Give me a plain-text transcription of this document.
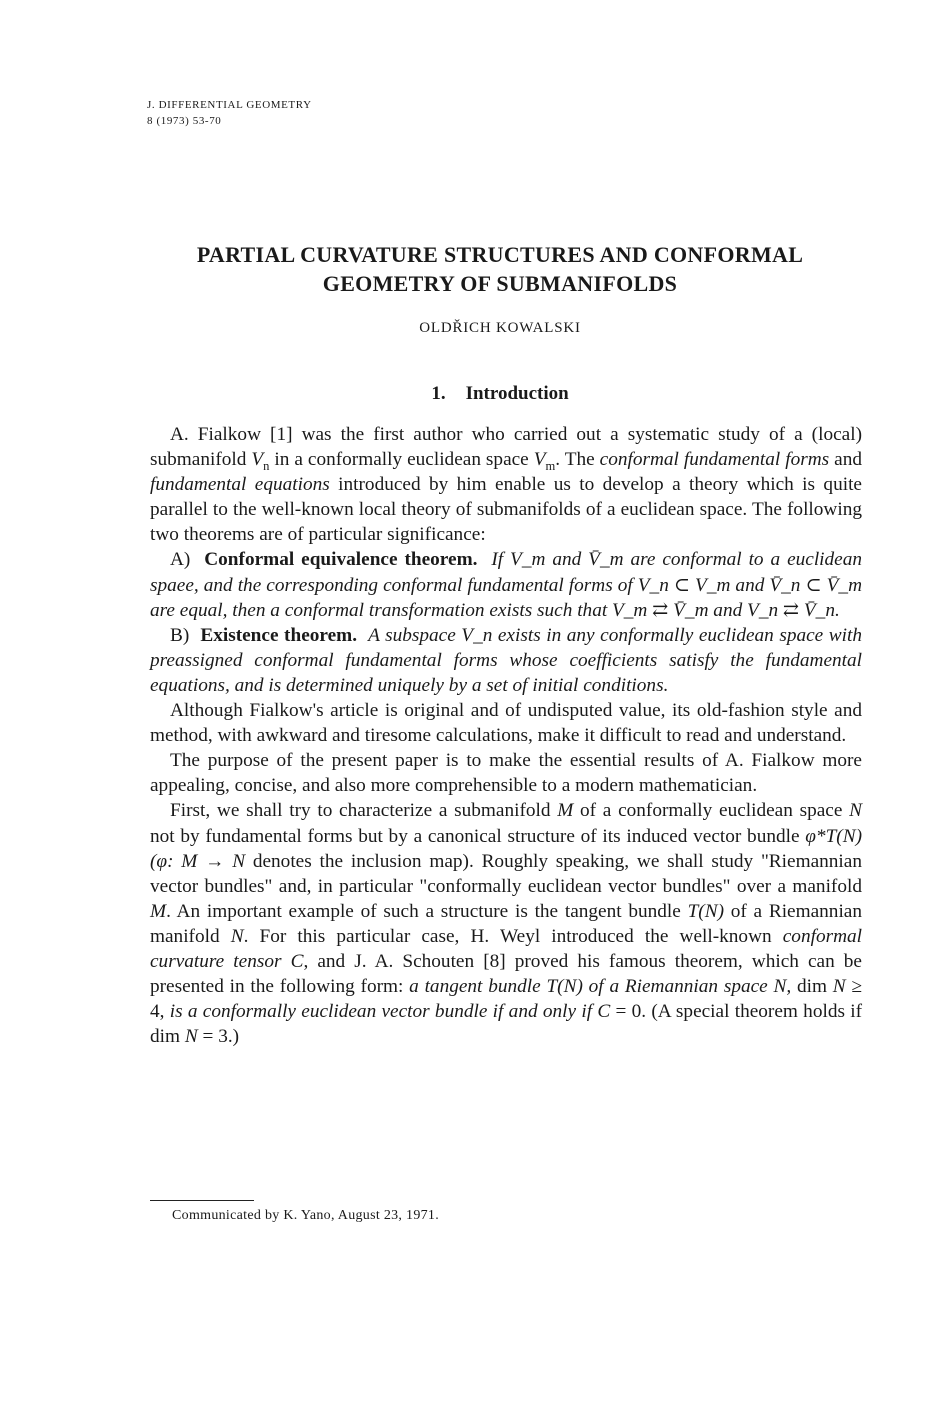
J. DIFFERENTIAL GEOMETRY
8 (1973) 53-70
PARTIAL CURVATURE STRUCTURES AND CONFORMAL
GEOMETRY OF SUBMANIFOLDS
OLDŘICH KOWALSKI
1. Introduction

A. Fialkow [1] was the first author who carried out a systematic study of a (local) submanifold $V_n$ in a conformally euclidean space $V_m$. The conformal fundamental forms and fundamental equations introduced by him enable us to develop a theory which is quite parallel to the well-known local theory of submanifolds of a euclidean space. The following two theorems are of particular significance:

A) Conformal equivalence theorem. If V_m and V̄_m are conformal to a euclidean spaee, and the corresponding conformal fundamental forms of V_n ⊂ V_m and V̄_n ⊂ V̄_m are equal, then a conformal transformation exists such that V_m ⇄ V̄_m and V_n ⇄ V̄_n.

B) Existence theorem. A subspace V_n exists in any conformally euclidean space with preassigned conformal fundamental forms whose coefficients satisfy the fundamental equations, and is determined uniquely by a set of initial conditions.

Although Fialkow's article is original and of undisputed value, its old-fashion style and method, with awkward and tiresome calculations, make it difficult to read and understand.

The purpose of the present paper is to make the essential results of A. Fialkow more appealing, concise, and also more comprehensible to a modern mathematician.

First, we shall try to characterize a submanifold M of a conformally euclidean space N not by fundamental forms but by a canonical structure of its induced vector bundle φ*T(N) (φ: M → N denotes the inclusion map). Roughly speaking, we shall study "Riemannian vector bundles" and, in particular "conformally euclidean vector bundles" over a manifold M. An important example of such a structure is the tangent bundle T(N) of a Riemannian manifold N. For this particular case, H. Weyl introduced the well-known conformal curvature tensor C, and J. A. Schouten [8] proved his famous theorem, which can be presented in the following form: a tangent bundle T(N) of a Riemannian space N, dim N ≥ 4, is a conformally euclidean vector bundle if and only if C = 0. (A special theorem holds if dim N = 3.)

Communicated by K. Yano, August 23, 1971.
